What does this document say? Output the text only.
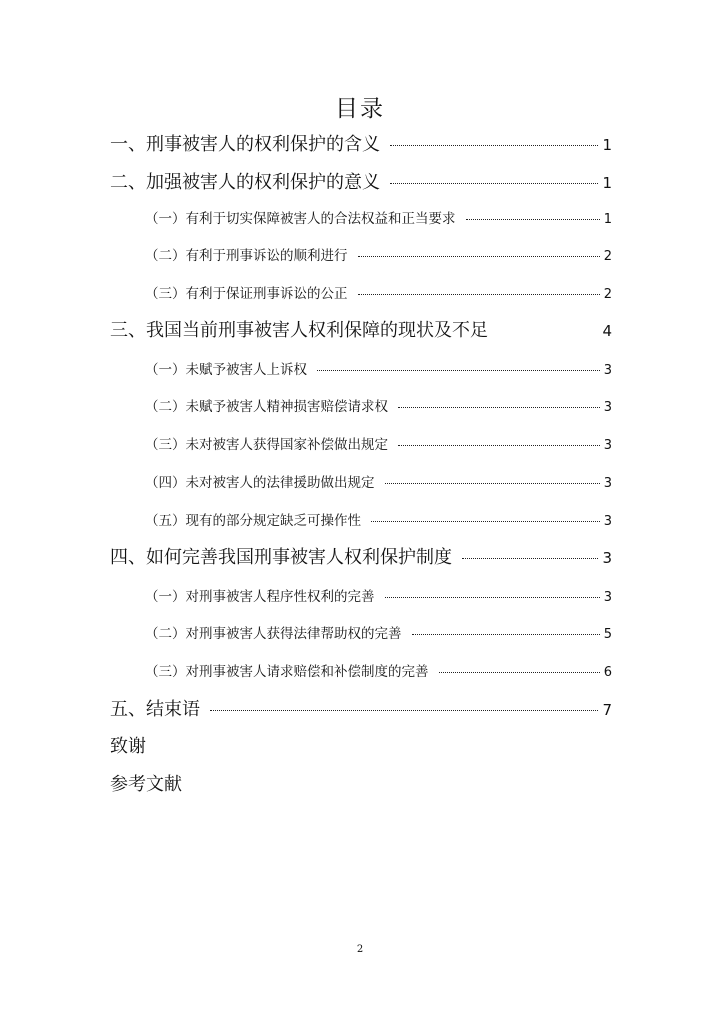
目录
一、刑事被害人的权利保护的含义	1
二、加强被害人的权利保护的意义	1
（一）有利于切实保障被害人的合法权益和正当要求	1
（二）有利于刑事诉讼的顺利进行	2
（三）有利于保证刑事诉讼的公正	2
三、我国当前刑事被害人权利保障的现状及不足	4
（一）未赋予被害人上诉权	3
（二）未赋予被害人精神损害赔偿请求权	3
（三）未对被害人获得国家补偿做出规定	3
（四）未对被害人的法律援助做出规定	3
（五）现有的部分规定缺乏可操作性	3
四、如何完善我国刑事被害人权利保护制度	3
（一）对刑事被害人程序性权利的完善	3
（二）对刑事被害人获得法律帮助权的完善	5
（三）对刑事被害人请求赔偿和补偿制度的完善	6
五、结束语	7
致谢
参考文献
2
